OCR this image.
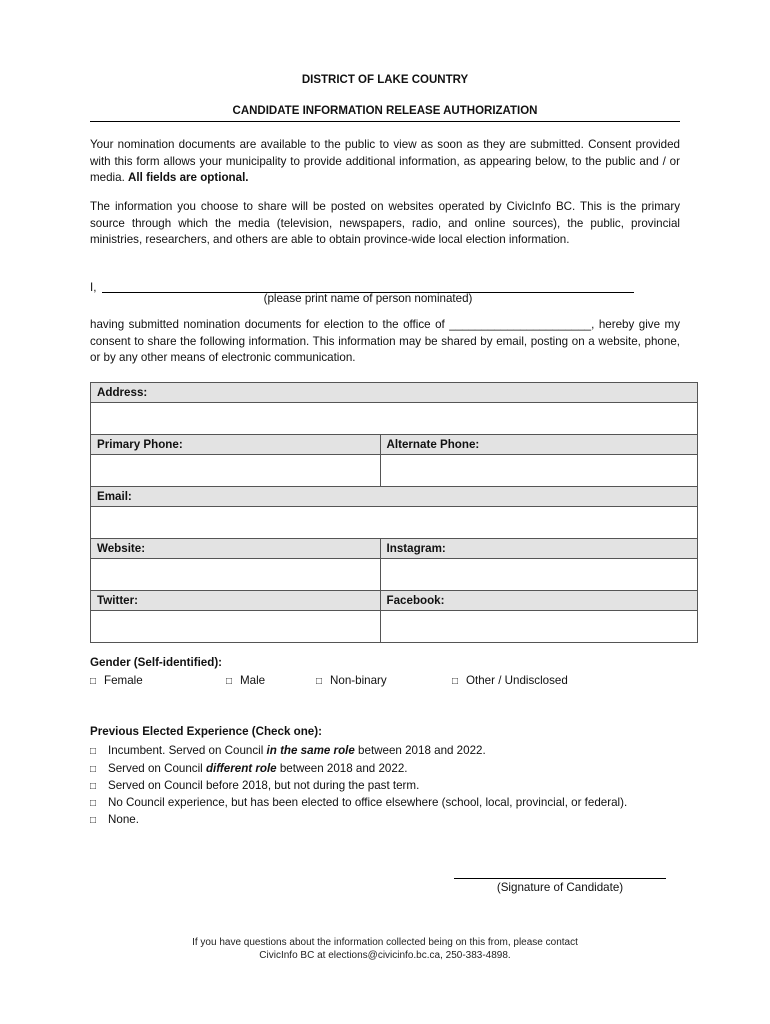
DISTRICT OF LAKE COUNTRY
CANDIDATE INFORMATION RELEASE AUTHORIZATION
Your nomination documents are available to the public to view as soon as they are submitted. Consent provided with this form allows your municipality to provide additional information, as appearing below, to the public and / or media. All fields are optional.
The information you choose to share will be posted on websites operated by CivicInfo BC. This is the primary source through which the media (television, newspapers, radio, and online sources), the public, provincial ministries, researchers, and others are able to obtain province-wide local election information.
I,
(please print name of person nominated)
having submitted nomination documents for election to the office of ______________________, hereby give my consent to share the following information. This information may be shared by email, posting on a website, phone, or by any other means of electronic communication.
Address:	

Primary Phone:	Alternate Phone:

Email:	

Website:	Instagram:

Twitter:	Facebook:

Gender (Self-identified):
□ Female	□ Male	□ Non-binary	□ Other / Undisclosed
Previous Elected Experience (Check one):
□ Incumbent. Served on Council in the same role between 2018 and 2022.
□ Served on Council different role between 2018 and 2022.
□ Served on Council before 2018, but not during the past term.
□ No Council experience, but has been elected to office elsewhere (school, local, provincial, or federal).
□ None.
(Signature of Candidate)
If you have questions about the information collected being on this from, please contact
CivicInfo BC at elections@civicinfo.bc.ca, 250-383-4898.
